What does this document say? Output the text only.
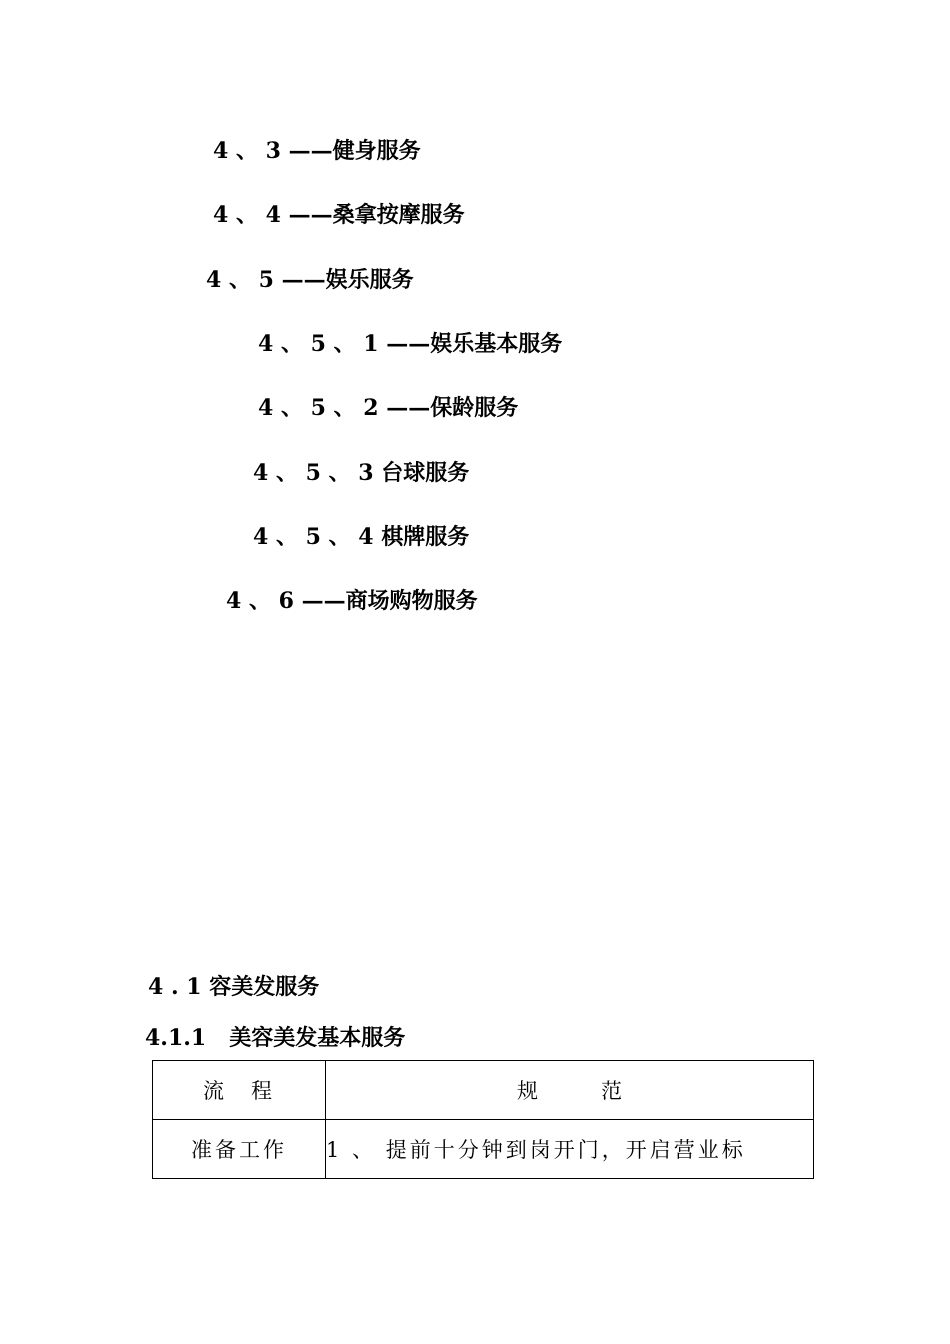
4 、 3 ——健身服务
4 、 4 ——桑拿按摩服务
4 、 5 ——娱乐服务
4 、 5 、 1 ——娱乐基本服务
4 、 5 、 2 ——保龄服务
4 、 5 、 3 台球服务
4 、 5 、 4 棋牌服务
4 、 6 ——商场购物服务
4 . 1 容美发服务
4.1.1   美容美发基本服务
流　程	规　　　范
准备工作	1 、 提前十分钟到岗开门，开启营业标
